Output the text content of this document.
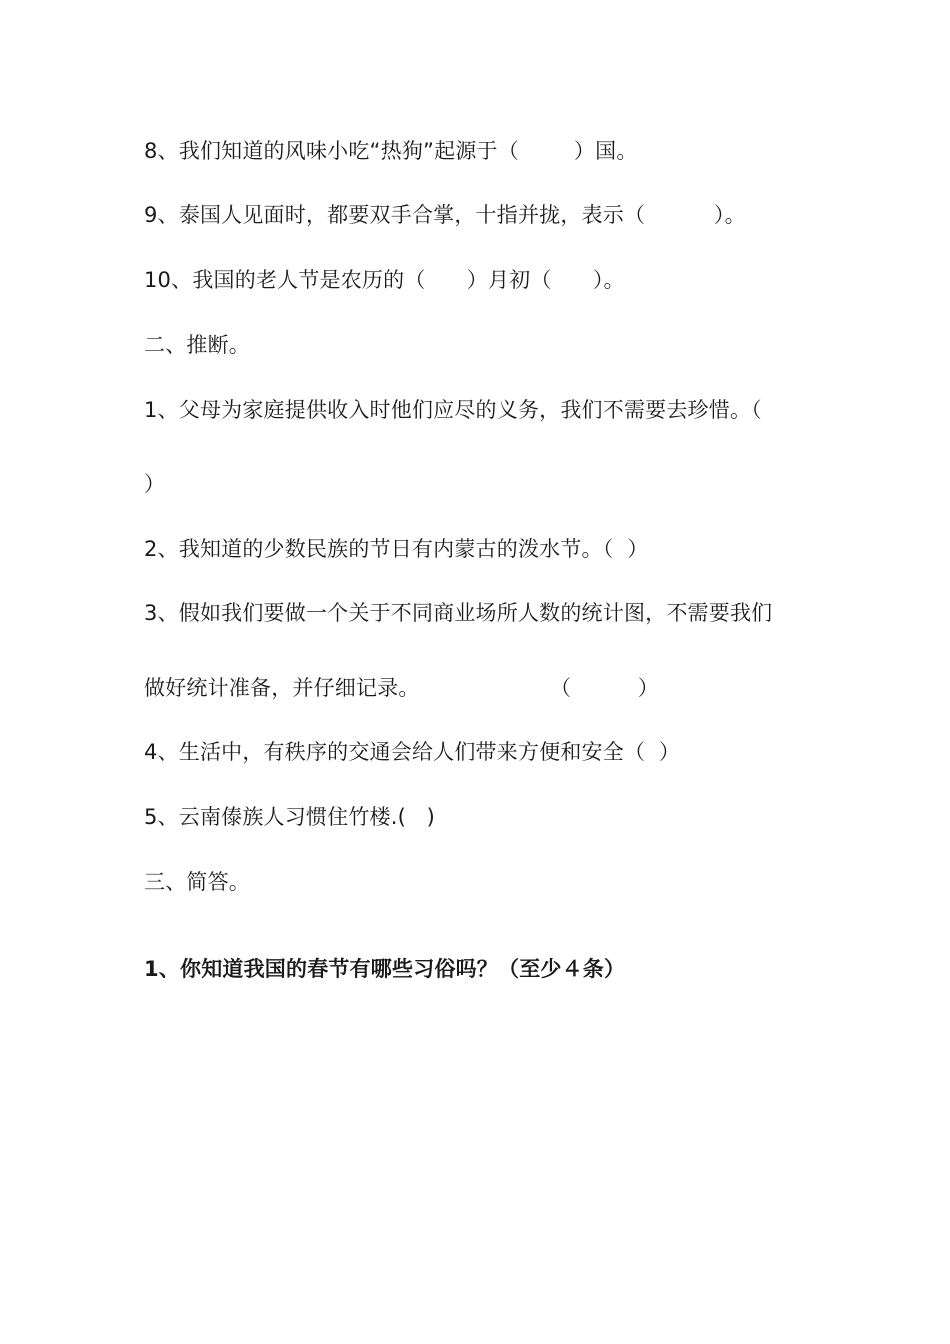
8、我们知道的风味小吃“热狗”起源于（        ）国。
9、泰国人见面时，都要双手合掌，十指并拢，表示（          ）。
10、我国的老人节是农历的（      ）月初（      ）。
二、推断。
1、父母为家庭提供收入时他们应尽的义务，我们不需要去珍惜。（
）
2、我知道的少数民族的节日有内蒙古的泼水节。（  ）
3、假如我们要做一个关于不同商业场所人数的统计图，不需要我们
做好统计准备，并仔细记录。	（          ）
4、生活中，有秩序的交通会给人们带来方便和安全（  ）
5、云南傣族人习惯住竹楼.(   )
三、简答。
1、你知道我国的春节有哪些习俗吗？（至少４条）
